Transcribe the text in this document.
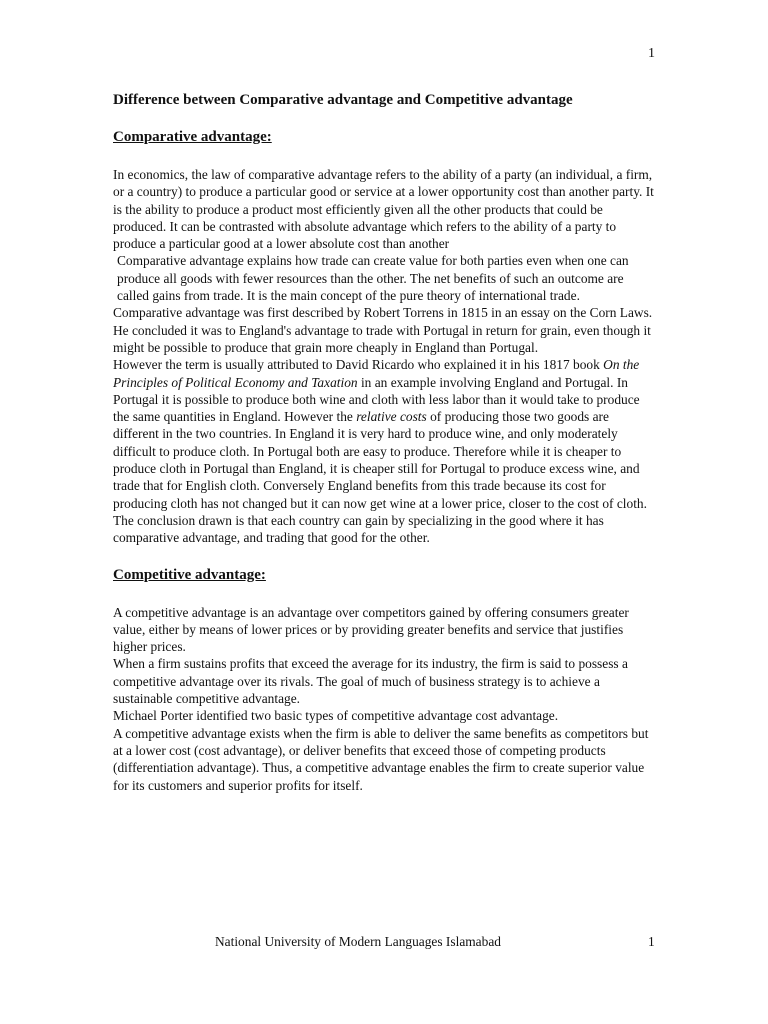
1
Difference between Comparative advantage and Competitive advantage
Comparative advantage:

In economics, the law of comparative advantage refers to the ability of a party (an individual, a firm, or a country) to produce a particular good or service at a lower opportunity cost than another party. It is the ability to produce a product most efficiently given all the other products that could be produced. It can be contrasted with absolute advantage which refers to the ability of a party to produce a particular good at a lower absolute cost than another

Comparative advantage explains how trade can create value for both parties even when one can produce all goods with fewer resources than the other. The net benefits of such an outcome are called gains from trade. It is the main concept of the pure theory of international trade.

Comparative advantage was first described by Robert Torrens in 1815 in an essay on the Corn Laws. He concluded it was to England's advantage to trade with Portugal in return for grain, even though it might be possible to produce that grain more cheaply in England than Portugal.

However the term is usually attributed to David Ricardo who explained it in his 1817 book On the Principles of Political Economy and Taxation in an example involving England and Portugal. In Portugal it is possible to produce both wine and cloth with less labor than it would take to produce the same quantities in England. However the relative costs of producing those two goods are different in the two countries. In England it is very hard to produce wine, and only moderately difficult to produce cloth. In Portugal both are easy to produce. Therefore while it is cheaper to produce cloth in Portugal than England, it is cheaper still for Portugal to produce excess wine, and trade that for English cloth. Conversely England benefits from this trade because its cost for producing cloth has not changed but it can now get wine at a lower price, closer to the cost of cloth. The conclusion drawn is that each country can gain by specializing in the good where it has comparative advantage, and trading that good for the other.

Competitive advantage:

A competitive advantage is an advantage over competitors gained by offering consumers greater value, either by means of lower prices or by providing greater benefits and service that justifies higher prices.

When a firm sustains profits that exceed the average for its industry, the firm is said to possess a competitive advantage over its rivals. The goal of much of business strategy is to achieve a sustainable competitive advantage.

Michael Porter identified two basic types of competitive advantage cost advantage.

A competitive advantage exists when the firm is able to deliver the same benefits as competitors but at a lower cost (cost advantage), or deliver benefits that exceed those of competing products (differentiation advantage). Thus, a competitive advantage enables the firm to create superior value for its customers and superior profits for itself.

National University of Modern Languages Islamabad	1
